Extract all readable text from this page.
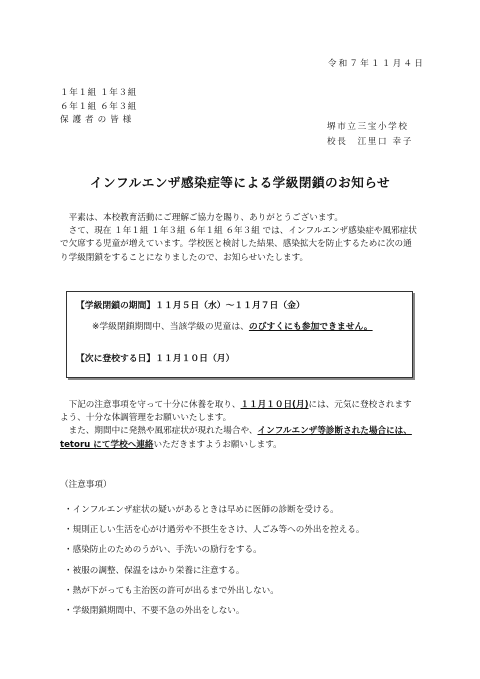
令和７年１１月４日
１年１組 １年３組
６年１組 ６年３組
保 護 者 の 皆 様
堺市立三宝小学校
校長　江里口 幸子
インフルエンザ感染症等による学級閉鎖のお知らせ
平素は、本校教育活動にご理解ご協力を賜り、ありがとうございます。
さて、現在 １年１組 １年３組 ６年１組 ６年３組 では、インフルエンザ感染症や風邪症状で欠席する児童が増えています。学校医と検討した結果、感染拡大を防止するために次の通り学級閉鎖をすることになりましたので、お知らせいたします。
【学級閉鎖の期間】１１月５日（水）～１１月７日（金）
※学級閉鎖期間中、当該学級の児童は、のびすくにも参加できません。
【次に登校する日】１１月１０日（月）
下記の注意事項を守って十分に休養を取り、１１月１０日(月)には、元気に登校されますよう、十分な体調管理をお願いいたします。
また、期間中に発熱や風邪症状が現れた場合や、インフルエンザ等診断された場合には、tetoru にて学校へ連絡いただきますようお願いします。
（注意事項）
・インフルエンザ症状の疑いがあるときは早めに医師の診断を受ける。
・規則正しい生活を心がけ過労や不摂生をさけ、人ごみ等への外出を控える。
・感染防止のためのうがい、手洗いの励行をする。
・被服の調整、保温をはかり栄養に注意する。
・熱が下がっても主治医の許可が出るまで外出しない。
・学級閉鎖期間中、不要不急の外出をしない。
